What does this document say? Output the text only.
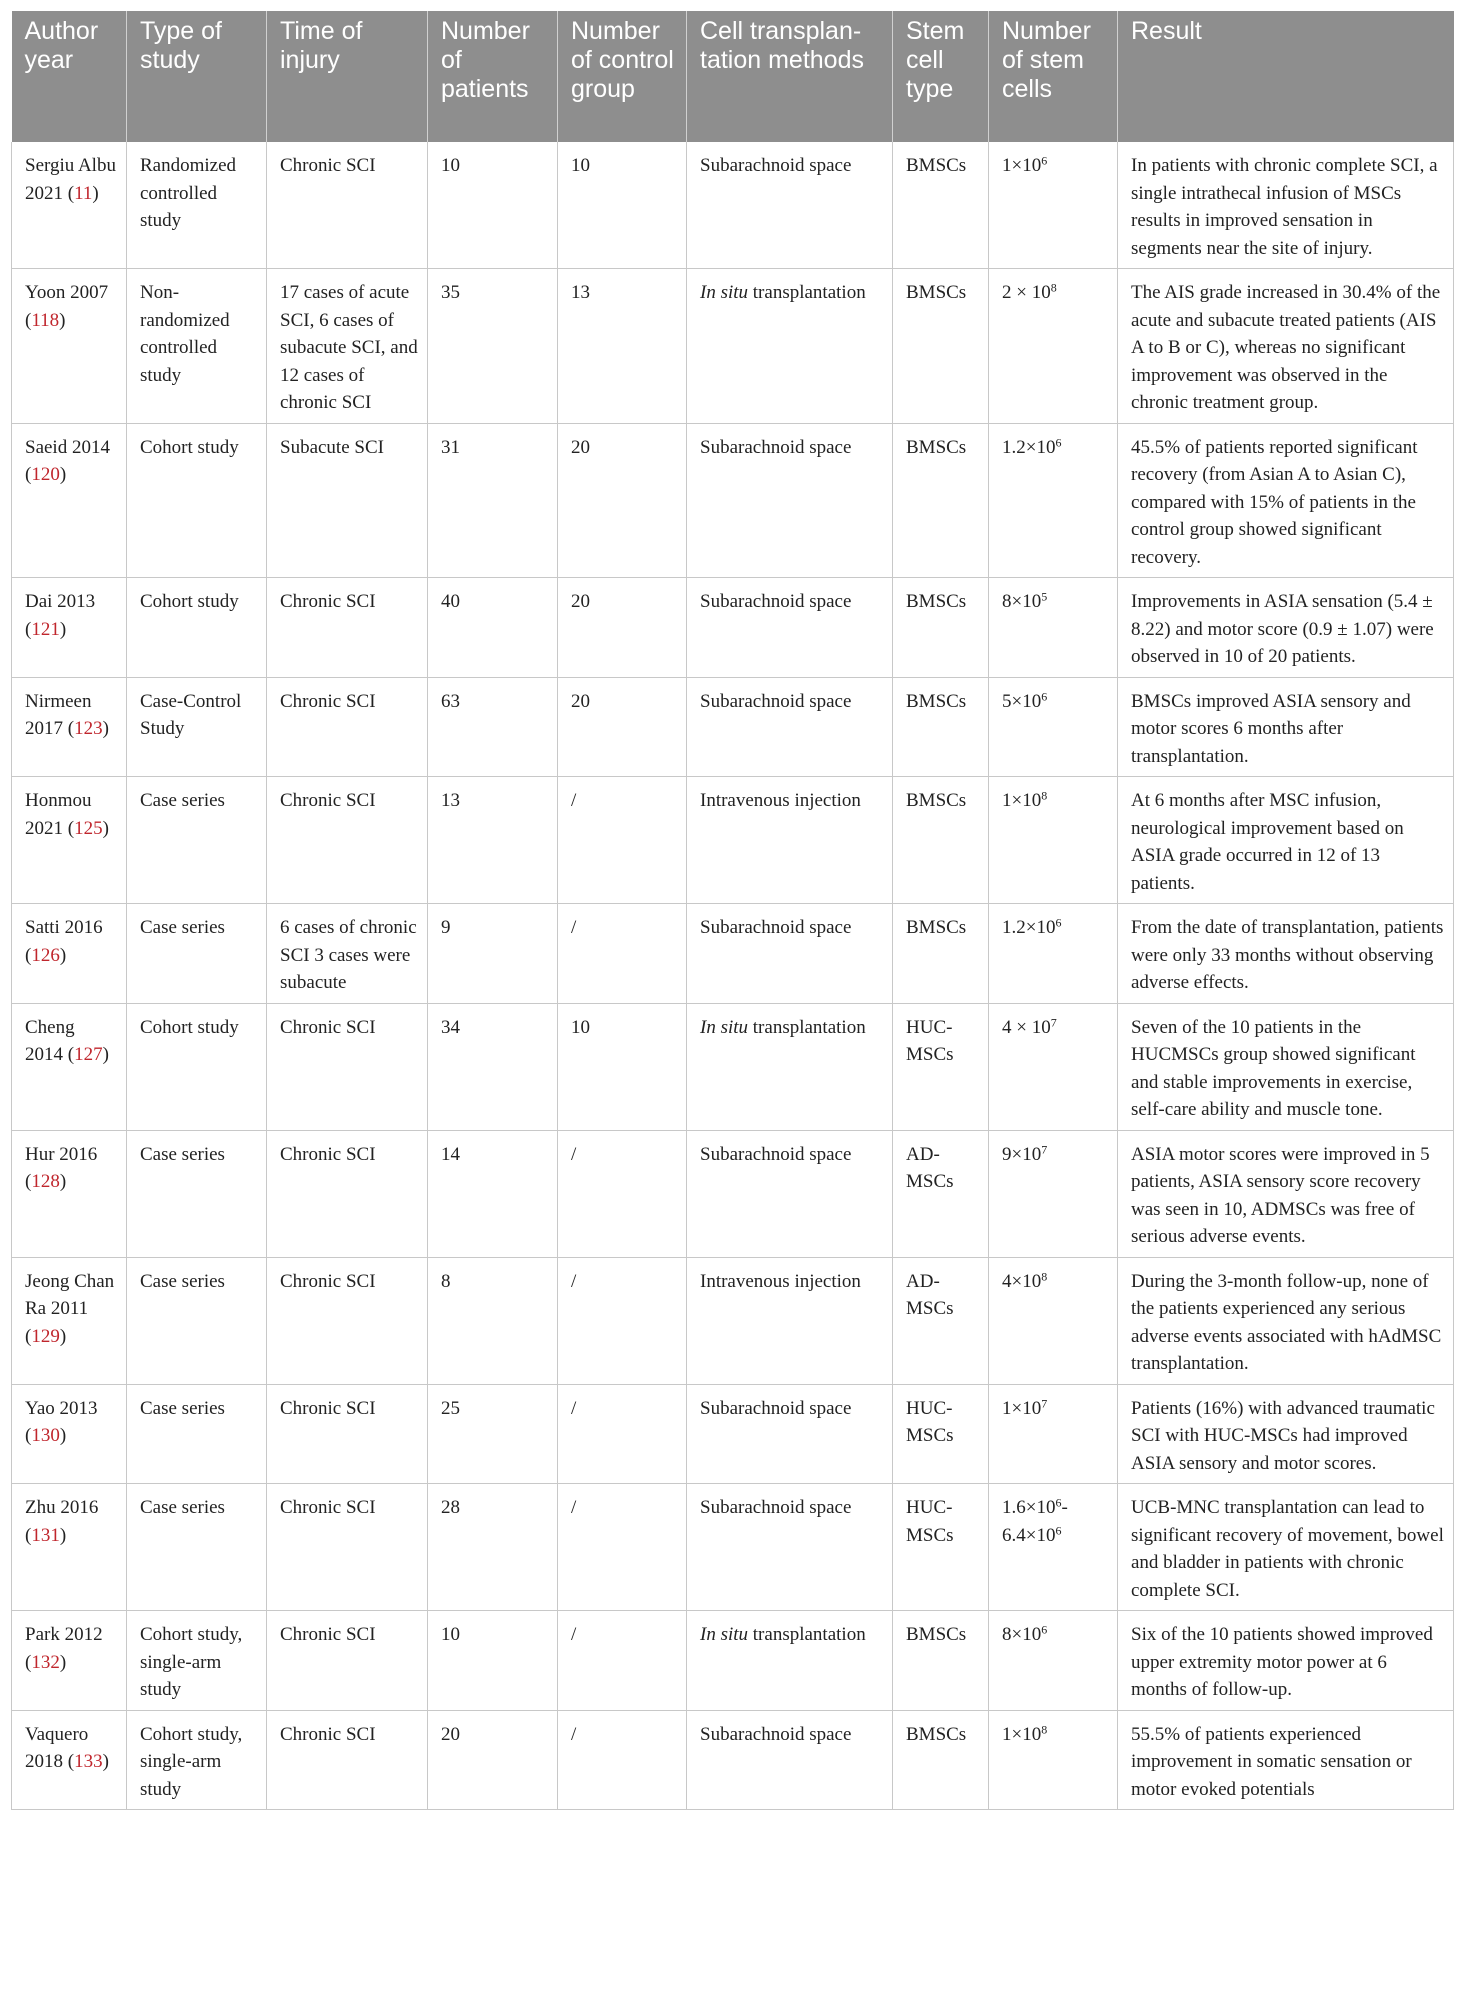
Author year	Type of study	Time of injury	Number of patients	Number of control group	Cell transplan-tation methods	Stem cell type	Number of stem cells	Result
Sergiu Albu 2021 (11)	Randomized controlled study	Chronic SCI	10	10	Subarachnoid space	BMSCs	$1\times 10^6$	In patients with chronic complete SCI, a single intrathecal infusion of MSCs results in improved sensation in segments near the site of injury.
Yoon 2007 (118)	Non-randomized controlled study	17 cases of acute SCI, 6 cases of subacute SCI, and 12 cases of chronic SCI	35	13	In situ transplantation	BMSCs	$2 \times 10^8$	The AIS grade increased in 30.4% of the acute and subacute treated patients (AIS A to B or C), whereas no significant improvement was observed in the chronic treatment group.
Saeid 2014 (120)	Cohort study	Subacute SCI	31	20	Subarachnoid space	BMSCs	$1.2\times 10^6$	45.5% of patients reported significant recovery (from Asian A to Asian C), compared with 15% of patients in the control group showed significant recovery.
Dai 2013 (121)	Cohort study	Chronic SCI	40	20	Subarachnoid space	BMSCs	$8\times 10^5$	Improvements in ASIA sensation (5.4 ± 8.22) and motor score (0.9 ± 1.07) were observed in 10 of 20 patients.
Nirmeen 2017 (123)	Case-Control Study	Chronic SCI	63	20	Subarachnoid space	BMSCs	$5\times 10^6$	BMSCs improved ASIA sensory and motor scores 6 months after transplantation.
Honmou 2021 (125)	Case series	Chronic SCI	13	/	Intravenous injection	BMSCs	$1\times 10^8$	At 6 months after MSC infusion, neurological improvement based on ASIA grade occurred in 12 of 13 patients.
Satti 2016 (126)	Case series	6 cases of chronic SCI 3 cases were subacute	9	/	Subarachnoid space	BMSCs	$1.2\times 10^6$	From the date of transplantation, patients were only 33 months without observing adverse effects.
Cheng 2014 (127)	Cohort study	Chronic SCI	34	10	In situ transplantation	HUC-MSCs	$4 \times 10^7$	Seven of the 10 patients in the HUCMSCs group showed significant and stable improvements in exercise, self-care ability and muscle tone.
Hur 2016 (128)	Case series	Chronic SCI	14	/	Subarachnoid space	AD-MSCs	$9\times 10^7$	ASIA motor scores were improved in 5 patients, ASIA sensory score recovery was seen in 10, ADMSCs was free of serious adverse events.
Jeong Chan Ra 2011 (129)	Case series	Chronic SCI	8	/	Intravenous injection	AD-MSCs	$4\times 10^8$	During the 3-month follow-up, none of the patients experienced any serious adverse events associated with hAdMSC transplantation.
Yao 2013 (130)	Case series	Chronic SCI	25	/	Subarachnoid space	HUC-MSCs	$1\times 10^7$	Patients (16%) with advanced traumatic SCI with HUC-MSCs had improved ASIA sensory and motor scores.
Zhu 2016 (131)	Case series	Chronic SCI	28	/	Subarachnoid space	HUC-MSCs	$1.6\times 10^6-6.4\times 10^6$	UCB-MNC transplantation can lead to significant recovery of movement, bowel and bladder in patients with chronic complete SCI.
Park 2012 (132)	Cohort study, single-arm study	Chronic SCI	10	/	In situ transplantation	BMSCs	$8\times 10^6$	Six of the 10 patients showed improved upper extremity motor power at 6 months of follow-up.
Vaquero 2018 (133)	Cohort study, single-arm study	Chronic SCI	20	/	Subarachnoid space	BMSCs	$1\times 10^8$	55.5% of patients experienced improvement in somatic sensation or motor evoked potentials
